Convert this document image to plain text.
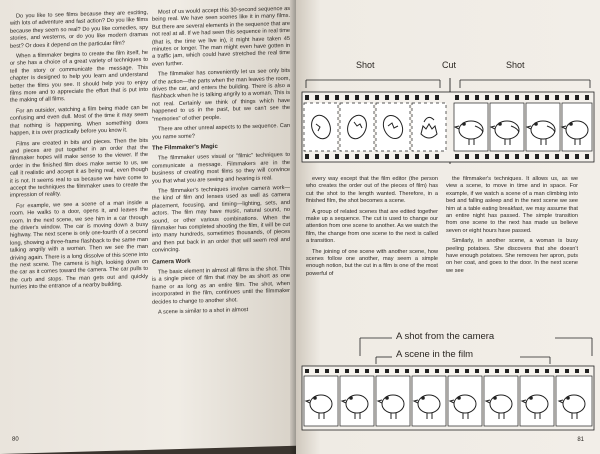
Do you like to see films because they are exciting, with lots of adventure and fast action? Do you like films because they seem so real? Do you like comedies, spy stories, and westerns, or do you like modern dramas best? Or does it depend on the particular film?

When a filmmaker begins to create the film itself, he or she has a choice of a great variety of techniques to tell the story or communicate the message. This chapter is designed to help you learn and understand better the films you see. It should help you to enjoy films more and to appreciate the effort that is put into the making of all films.

For an outsider, watching a film being made can be confusing and even dull. Most of the time it may seem that nothing is happening. When something does happen, it is over practically before you know it.

Films are created in bits and pieces. Then the bits and pieces are put together in an order that the filmmaker hopes will make sense to the viewer. If the order in the finished film does make sense to us, we call it realistic and accept it as being real, even though it is not. It seems real to us because we have come to accept the techniques the filmmaker uses to create the impression of reality.

For example, we see a scene of a man inside a room. He walks to a door, opens it, and leaves the room. In the next scene, we see him in a car through the driver's window. The car is moving down a busy highway. The next scene is only one-fourth of a second long, showing a three-frame flashback to the same man talking angrily with a woman. Then we see the man driving again. There is a long dissolve of this scene into the next scene. The camera is high, looking down on the car as it comes toward the camera. The car pulls to the curb and stops. The man gets out and quickly hurries into the entrance of a nearby building.

Most of us would accept this 30-second sequence as being real. We have seen scenes like it in many films. But there are several elements in the sequence that are not real at all. If we had seen this sequence in real time (that is, the time we live in), it might have taken 45 minutes or longer. The man might even have gotten in a traffic jam, which could have stretched the real time even further.

The filmmaker has conveniently let us see only bits of the action—the parts when the man leaves the room, drives the car, and enters the building. There is also a flashback when he is talking angrily to a woman. This is not real. Certainly we think of things which have happened to us in the past, but we can't see the "memories" of other people.

There are other unreal aspects to the sequence. Can you name some?

The Filmmaker's Magic

The filmmaker uses visual or "filmic" techniques to communicate a message. Filmmakers are in the business of creating most films so they will convince you that what you are seeing and hearing is real.

The filmmaker's techniques involve camera work—the kind of film and lenses used as well as camera placement, focusing, and timing—lighting, sets, and actors. The film may have music, natural sound, no sound, or other various combinations. When the filmmaker has completed shooting the film, it will be cut into many hundreds, sometimes thousands, of pieces and then put back in an order that will seem real and convincing.

Camera Work

The basic element in almost all films is the shot. This is a single piece of film that may be as short as one frame or as long as an entire film. The shot, when incorporated in the film, continues until the filmmaker decides to change to another shot.

A scene is similar to a shot in almost

80
Shot	Cut	Shot

every way except that the film editor (the person who creates the order out of the pieces of film) has cut the shot to the length wanted. Therefore, in a finished film, the shot becomes a scene.

A group of related scenes that are edited together make up a sequence. The cut is used to change our attention from one scene to another. As we watch the film, the change from one scene to the next is called a transition.

The joining of one scene with another scene, how scenes follow one another, may seem a simple enough notion, but the cut in a film is one of the most powerful of

the filmmaker's techniques. It allows us, as we view a scene, to move in time and in space. For example, if we watch a scene of a man climbing into bed and falling asleep and in the next scene we see him at a table eating breakfast, we may assume that an entire night has passed. The simple transition from one scene to the next has made us believe seven or eight hours have passed.

Similarly, in another scene, a woman is busy peeling potatoes. She discovers that she doesn't have enough potatoes. She removes her apron, puts on her coat, and goes to the door. In the next scene we see

A shot from the camera
A scene in the film
81
